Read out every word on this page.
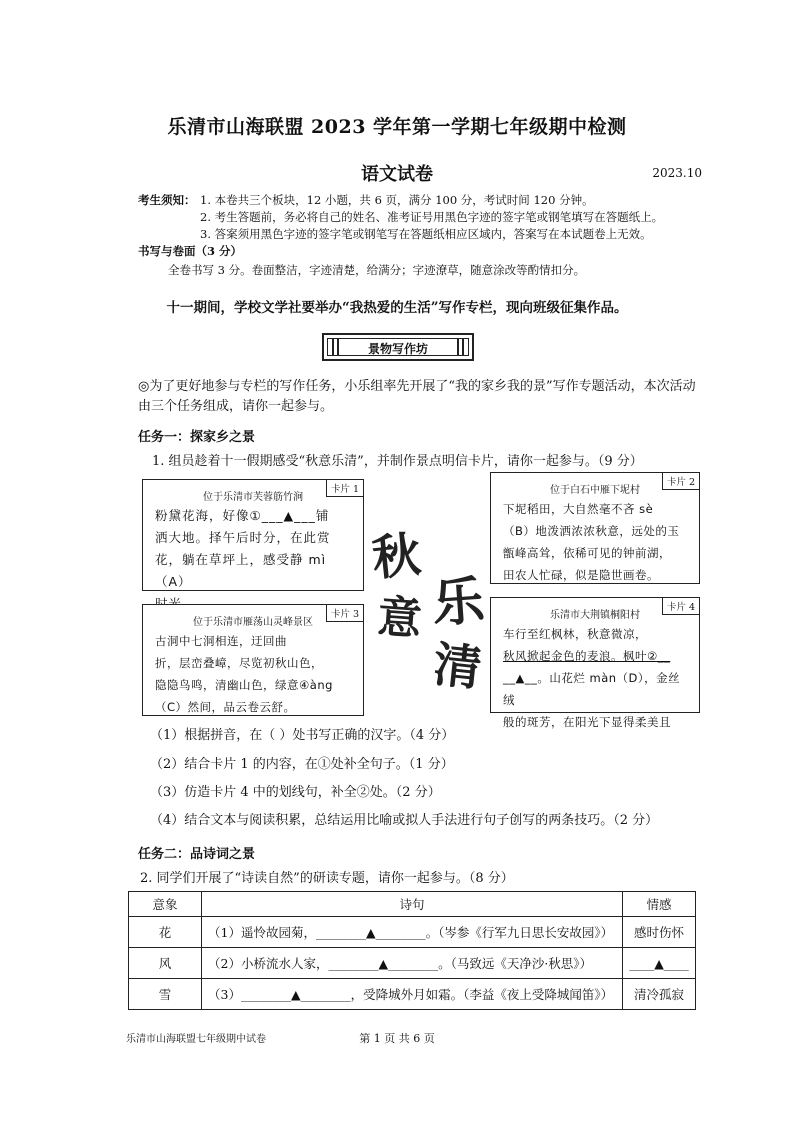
乐清市山海联盟 2023 学年第一学期七年级期中检测
语文试卷	2023.10
考生须知： 1. 本卷共三个板块，12 小题，共 6 页，满分 100 分，考试时间 120 分钟。
2. 考生答题前，务必将自己的姓名、准考证号用黑色字迹的签字笔或钢笔填写在答题纸上。
3. 答案须用黑色字迹的签字笔或钢笔写在答题纸相应区域内，答案写在本试题卷上无效。
书写与卷面（3 分）
全卷书写 3 分。卷面整洁，字迹清楚，给满分；字迹潦草，随意涂改等酌情扣分。
十一期间，学校文学社要举办“我热爱的生活”写作专栏，现向班级征集作品。
景物写作坊
◎为了更好地参与专栏的写作任务，小乐组率先开展了“我的家乡我的景”写作专题活动，本次活动由三个任务组成，请你一起参与。
任务一：探家乡之景
1. 组员趁着十一假期感受“秋意乐清”，并制作景点明信卡片，请你一起参与。（9 分）
卡片 1
位于乐清市芙蓉筋竹涧
粉黛花海，好像①___▲___铺
洒大地。择午后时分，在此赏
花，躺在草坪上，感受静 mì（A）
卡片 2
位于白石中雁下坭村
下坭稻田，大自然毫不吝 sè
（B）地泼洒浓浓秋意，远处的玉
甑峰高耸，依稀可见的钟前湖，
田农人忙碌，似是隐世画卷。
卡片 3
位于乐清市雁荡山灵峰景区
古洞中七洞相连，迂回曲
折，层峦叠嶂，尽览初秋山色，
隐隐鸟鸣，清幽山色，绿意④àng
（C）然间，品云卷云舒。
卡片 4
乐清市大荆镇桐阳村
车行至红枫林，秋意微凉，
秋风掀起金色的麦浪。枫叶②__
__▲__。山花烂 màn（D），金丝绒
般的斑芳，在阳光下显得柔美且
秋
意 乐
清
（1）根据拼音，在（ ）处书写正确的汉字。（4 分）
（2）结合卡片 1 的内容，在①处补全句子。（1 分）
（3）仿造卡片 4 中的划线句，补全②处。（2 分）
（4）结合文本与阅读积累，总结运用比喻或拟人手法进行句子创写的两条技巧。（2 分）
任务二：品诗词之景
2. 同学们开展了“诗读自然”的研读专题，请你一起参与。（8 分）
意象	诗句	情感
花	（1）遥怜故园菊，________▲________。（岑参《行军九日思长安故园》）	感时伤怀
风	（2）小桥流水人家，________▲________。（马致远《天净沙·秋思》）	____▲____
雪	（3）________▲________，受降城外月如霜。（李益《夜上受降城闻笛》）	清冷孤寂
乐清市山海联盟七年级期中试卷	第 1 页 共 6 页
